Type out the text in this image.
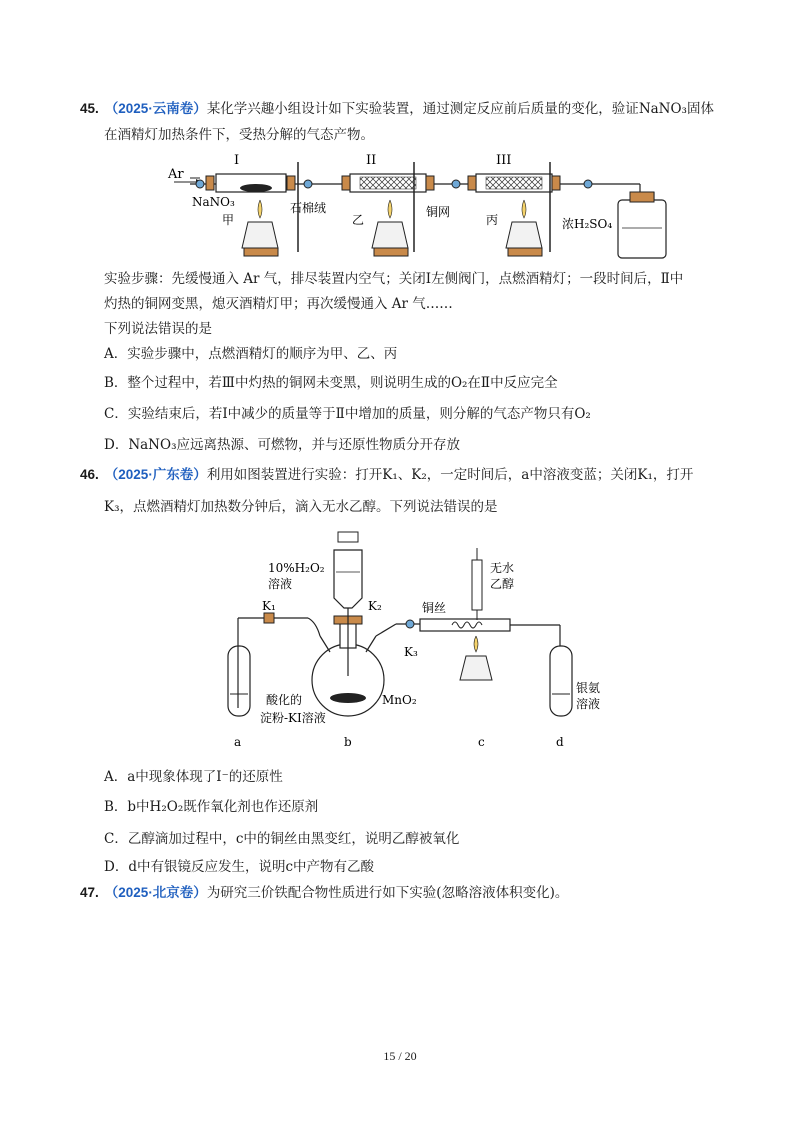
45. （2025·云南卷）某化学兴趣小组设计如下实验装置，通过测定反应前后质量的变化，验证NaNO₃固体
在酒精灯加热条件下，受热分解的气态产物。
Ar
I	II	III
NaNO₃	石棉绒	铜网
浓H₂SO₄
甲	乙	丙
实验步骤：先缓慢通入 Ar 气，排尽装置内空气；关闭Ⅰ左侧阀门，点燃酒精灯；一段时间后，Ⅱ中
灼热的铜网变黑，熄灭酒精灯甲；再次缓慢通入 Ar 气……
下列说法错误的是
A．实验步骤中，点燃酒精灯的顺序为甲、乙、丙
B．整个过程中，若Ⅲ中灼热的铜网未变黑，则说明生成的O₂在Ⅱ中反应完全
C．实验结束后，若Ⅰ中减少的质量等于Ⅱ中增加的质量，则分解的气态产物只有O₂
D．NaNO₃应远离热源、可燃物，并与还原性物质分开存放
46. （2025·广东卷）利用如图装置进行实验：打开K₁、K₂，一定时间后，a中溶液变蓝；关闭K₁，打开
K₃，点燃酒精灯加热数分钟后，滴入无水乙醇。下列说法错误的是
10%H₂O₂
溶液
K₁	K₂
K₃
MnO₂
酸化的
淀粉-KI溶液
铜丝
无水
乙醇
银氨
溶液
a	b	c	d
A．a中现象体现了I⁻的还原性
B．b中H₂O₂既作氧化剂也作还原剂
C．乙醇滴加过程中，c中的铜丝由黑变红，说明乙醇被氧化
D．d中有银镜反应发生，说明c中产物有乙酸
47. （2025·北京卷）为研究三价铁配合物性质进行如下实验(忽略溶液体积变化)。
15 / 20
